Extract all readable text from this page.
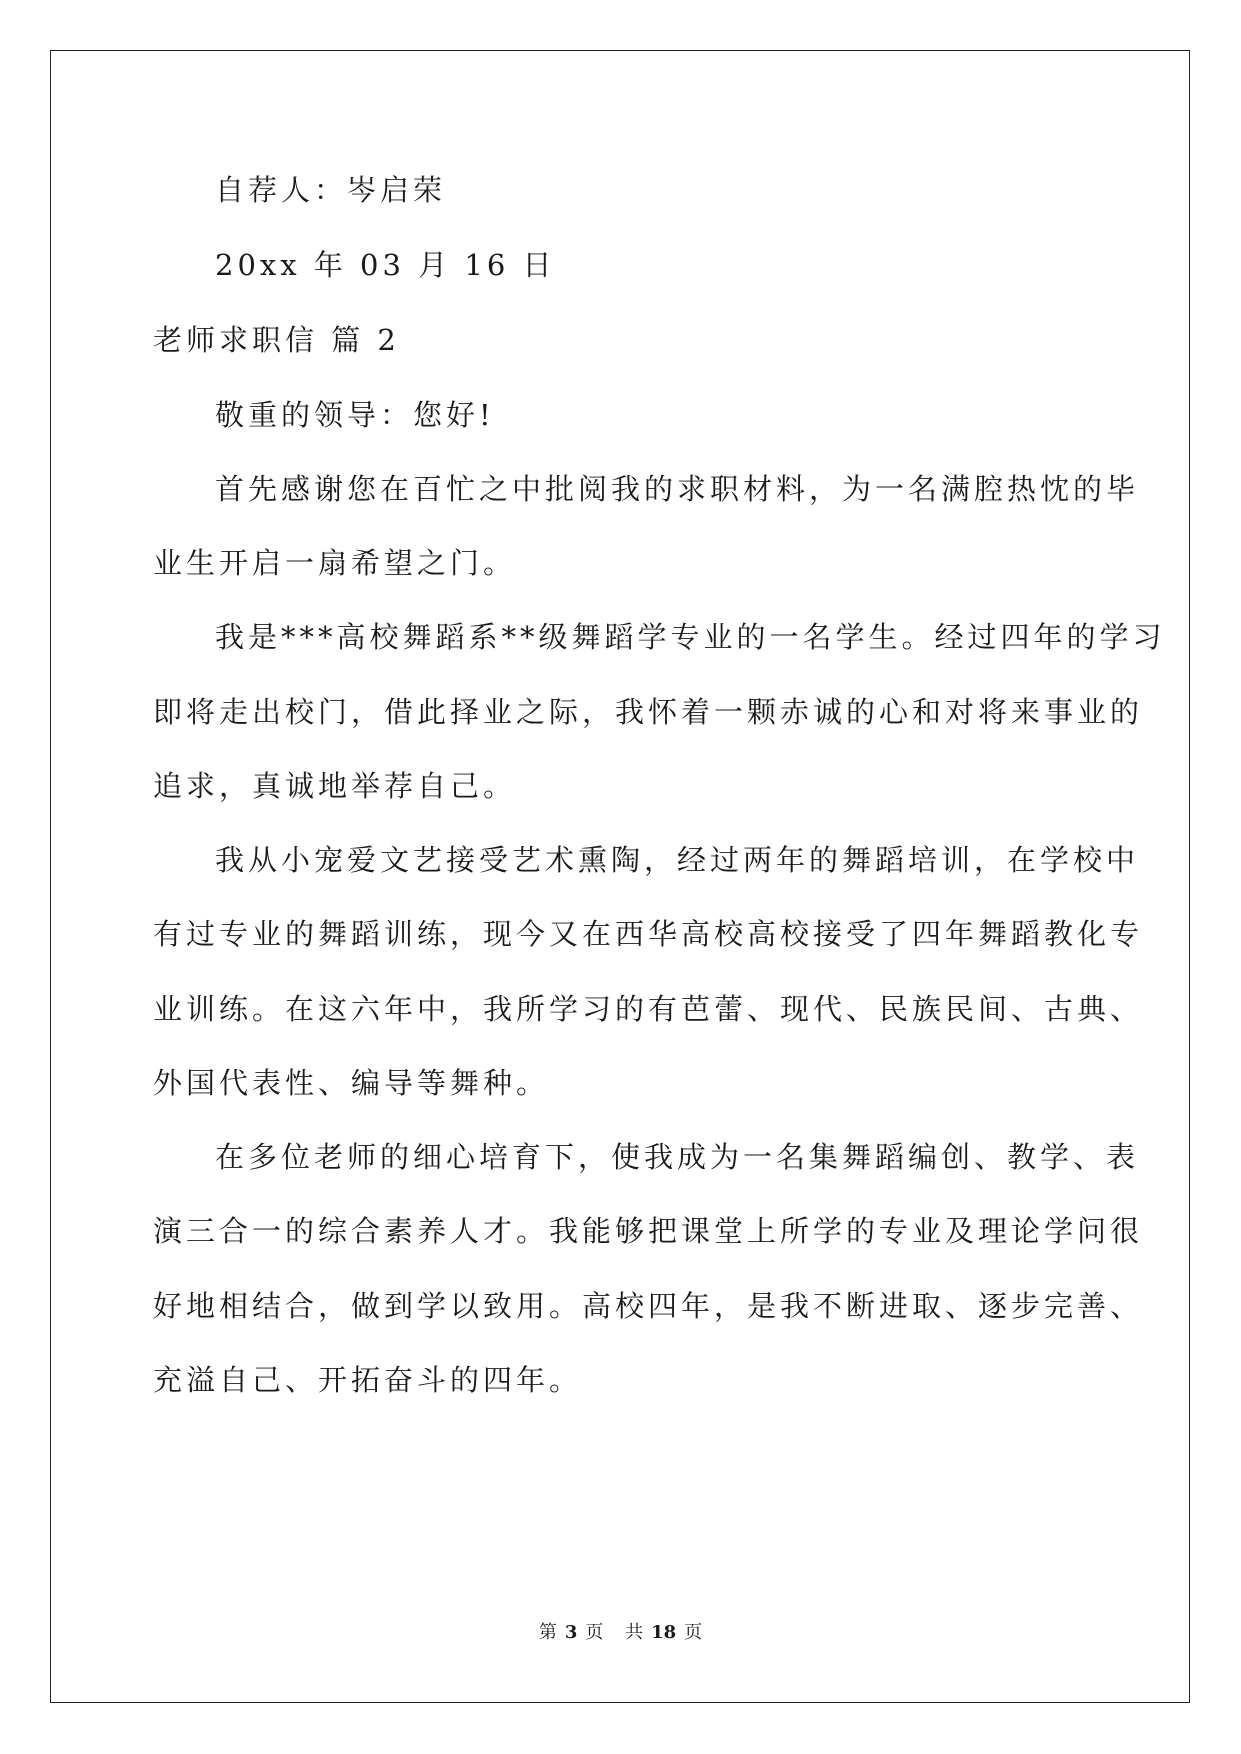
自荐人：岑启荣
20xx 年 03 月 16 日
老师求职信 篇 2
敬重的领导：您好!
首先感谢您在百忙之中批阅我的求职材料，为一名满腔热忱的毕
业生开启一扇希望之门。
我是***高校舞蹈系**级舞蹈学专业的一名学生。经过四年的学习
即将走出校门，借此择业之际，我怀着一颗赤诚的心和对将来事业的
追求，真诚地举荐自己。
我从小宠爱文艺接受艺术熏陶，经过两年的舞蹈培训，在学校中
有过专业的舞蹈训练，现今又在西华高校高校接受了四年舞蹈教化专
业训练。在这六年中，我所学习的有芭蕾、现代、民族民间、古典、
外国代表性、编导等舞种。
在多位老师的细心培育下，使我成为一名集舞蹈编创、教学、表
演三合一的综合素养人才。我能够把课堂上所学的专业及理论学问很
好地相结合，做到学以致用。高校四年，是我不断进取、逐步完善、
充溢自己、开拓奋斗的四年。
第 3 页 共 18 页
